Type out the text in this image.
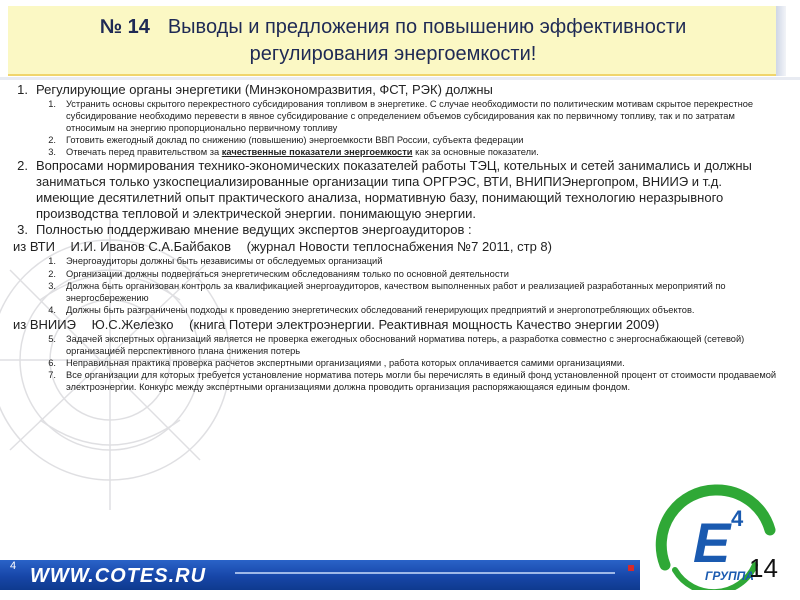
№ 14 Выводы и предложения по повышению эффективности
регулирования энергоемкости!
1. Регулирующие органы энергетики (Минэкономразвития, ФСТ, РЭК) должны
1.	Устранить основы скрытого перекрестного субсидирования топливом в энергетике. С случае необходимости по политическим мотивам скрытое перекрестное субсидирование необходимо перевести в явное субсидирование с определением объемов субсидирования как по первичному топливу, так и по затратам относимым на энергию пропорционально первичному топливу
2.	Готовить ежегодный доклад по снижению (повышению) энергоемкости ВВП России, субъекта федерации
3.	Отвечать перед правительством за качественные показатели энергоемкости как за основные показатели.
2. Вопросами нормирования технико-экономических показателей работы ТЭЦ, котельных и сетей занимались и должны заниматься только узкоспециализированные организации типа ОРГРЭС, ВТИ, ВНИПИЭнергопром, ВНИИЭ и т.д. имеющие десятилетний опыт практического анализа, нормативную базу, понимающий технологию неразрывного производства тепловой и электрической энергии. понимающую энергии.
3. Полностью поддерживаю мнение ведущих экспертов энергоаудиторов :
из ВТИ И.И. Иванов С.А.Байбаков (журнал Новости теплоснабжения №7 2011, стр 8)
1.	Энергоаудиторы должны быть независимы от обследуемых организаций
2.	Организации должны подвергаться энергетическим обследованиям только по основной деятельности
3.	Должна быть организован контроль за квалификацией энергоаудиторов, качеством выполненных работ и реализацией разработанных мероприятий по энергосбережению
4.	Должны быть разграничены подходы к проведению энергетических обследований генерирующих предприятий и энергопотребляющих объектов.
из ВНИИЭ Ю.С.Железко (книга Потери электроэнергии. Реактивная мощность Качество энергии 2009)
5.	Задачей экспертных организаций является не проверка ежегодных обоснований норматива потерь, а разработка совместно с энергоснабжающей (сетевой) организацией перспективного плана снижения потерь
6.	Неправильная практика проверка расчетов экспертными организациями , работа которых оплачивается самими организациями.
7.	Все организации для которых требуется установление норматива потерь могли бы перечислять в единый фонд установленной процент от стоимости продаваемой электроэнергии. Конкурс между экспертными организациями должна проводить организация распоряжающаяся единым фондом.
4 WWW.COTES.RU
E 4
ГРУППА
14
